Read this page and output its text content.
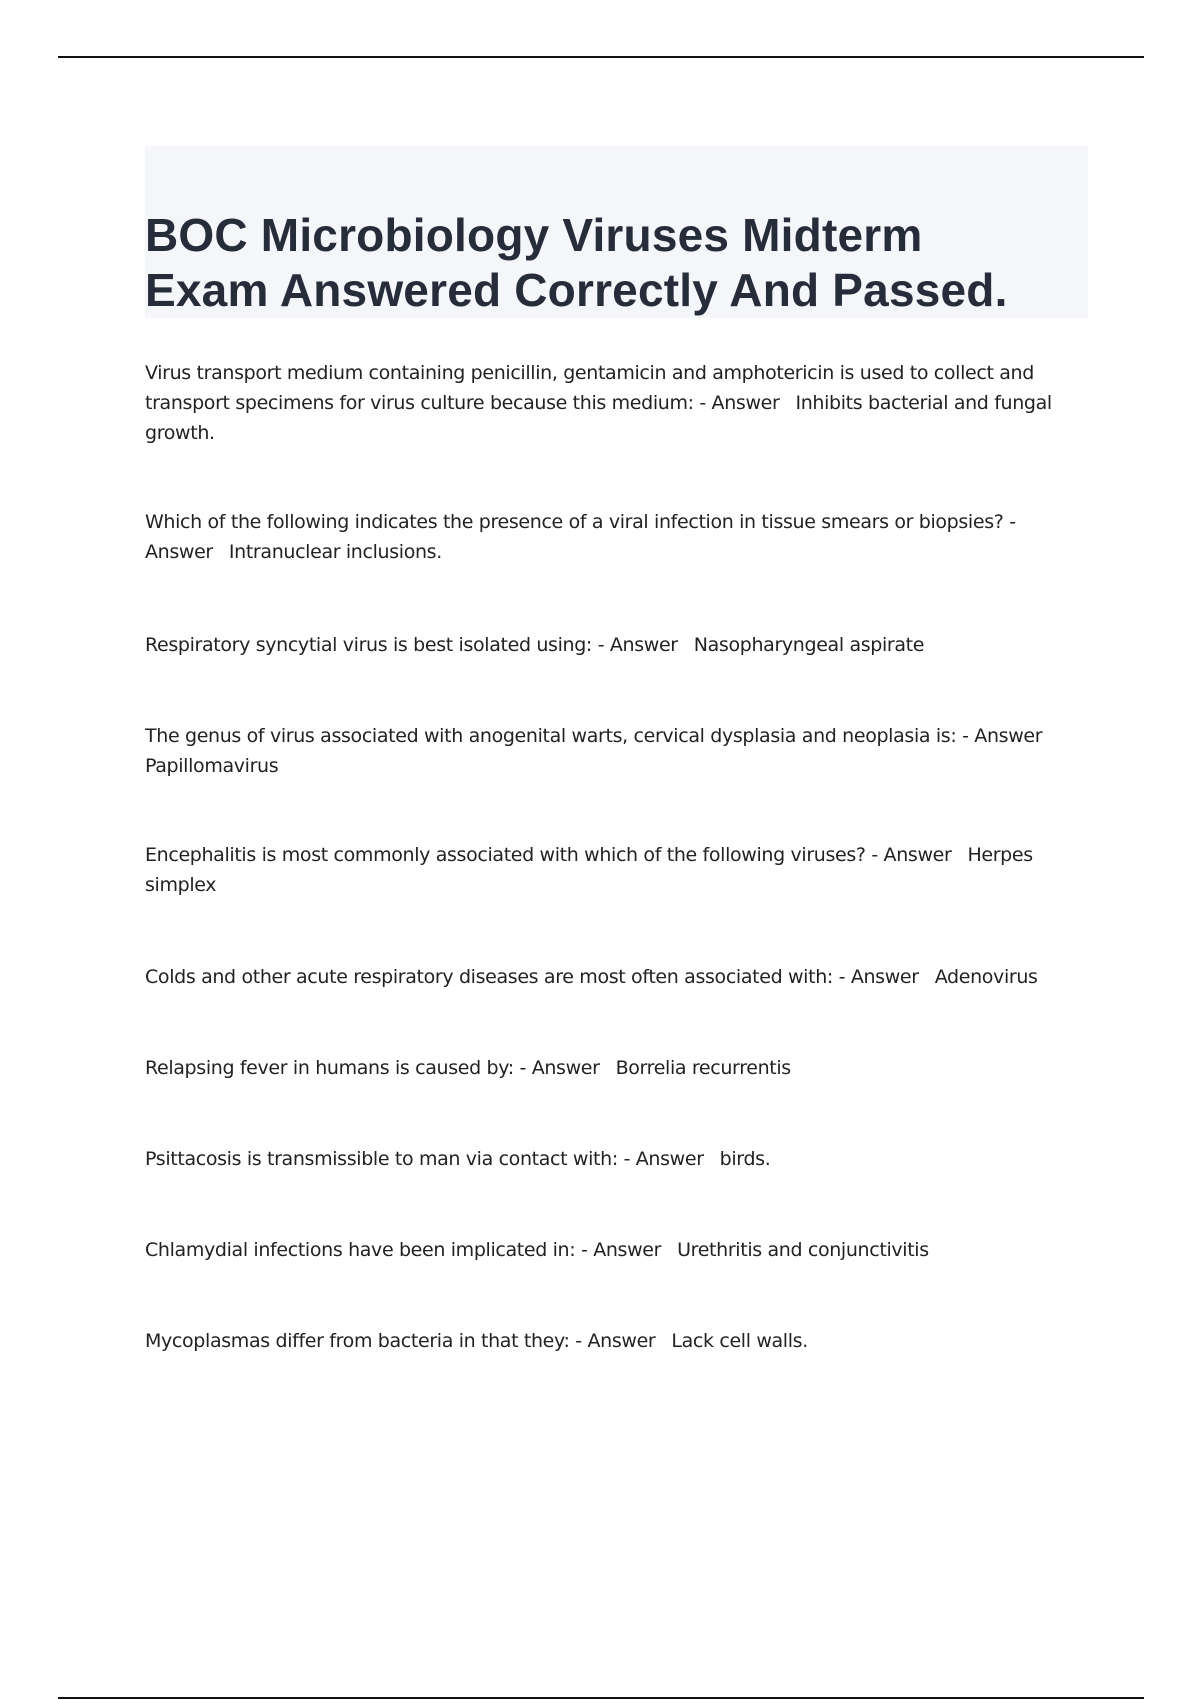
BOC Microbiology Viruses Midterm
Exam Answered Correctly And Passed.

Virus transport medium containing penicillin, gentamicin and amphotericin is used to collect and transport specimens for virus culture because this medium: - Answer Inhibits bacterial and fungal growth.

Which of the following indicates the presence of a viral infection in tissue smears or biopsies? - Answer Intranuclear inclusions.

Respiratory syncytial virus is best isolated using: - Answer Nasopharyngeal aspirate

The genus of virus associated with anogenital warts, cervical dysplasia and neoplasia is: - AnswerPapillomavirus

Encephalitis is most commonly associated with which of the following viruses? - Answer Herpes simplex

Colds and other acute respiratory diseases are most often associated with: - Answer Adenovirus

Relapsing fever in humans is caused by: - Answer Borrelia recurrentis

Psittacosis is transmissible to man via contact with: - Answer birds.

Chlamydial infections have been implicated in: - Answer Urethritis and conjunctivitis

Mycoplasmas differ from bacteria in that they: - Answer Lack cell walls.
